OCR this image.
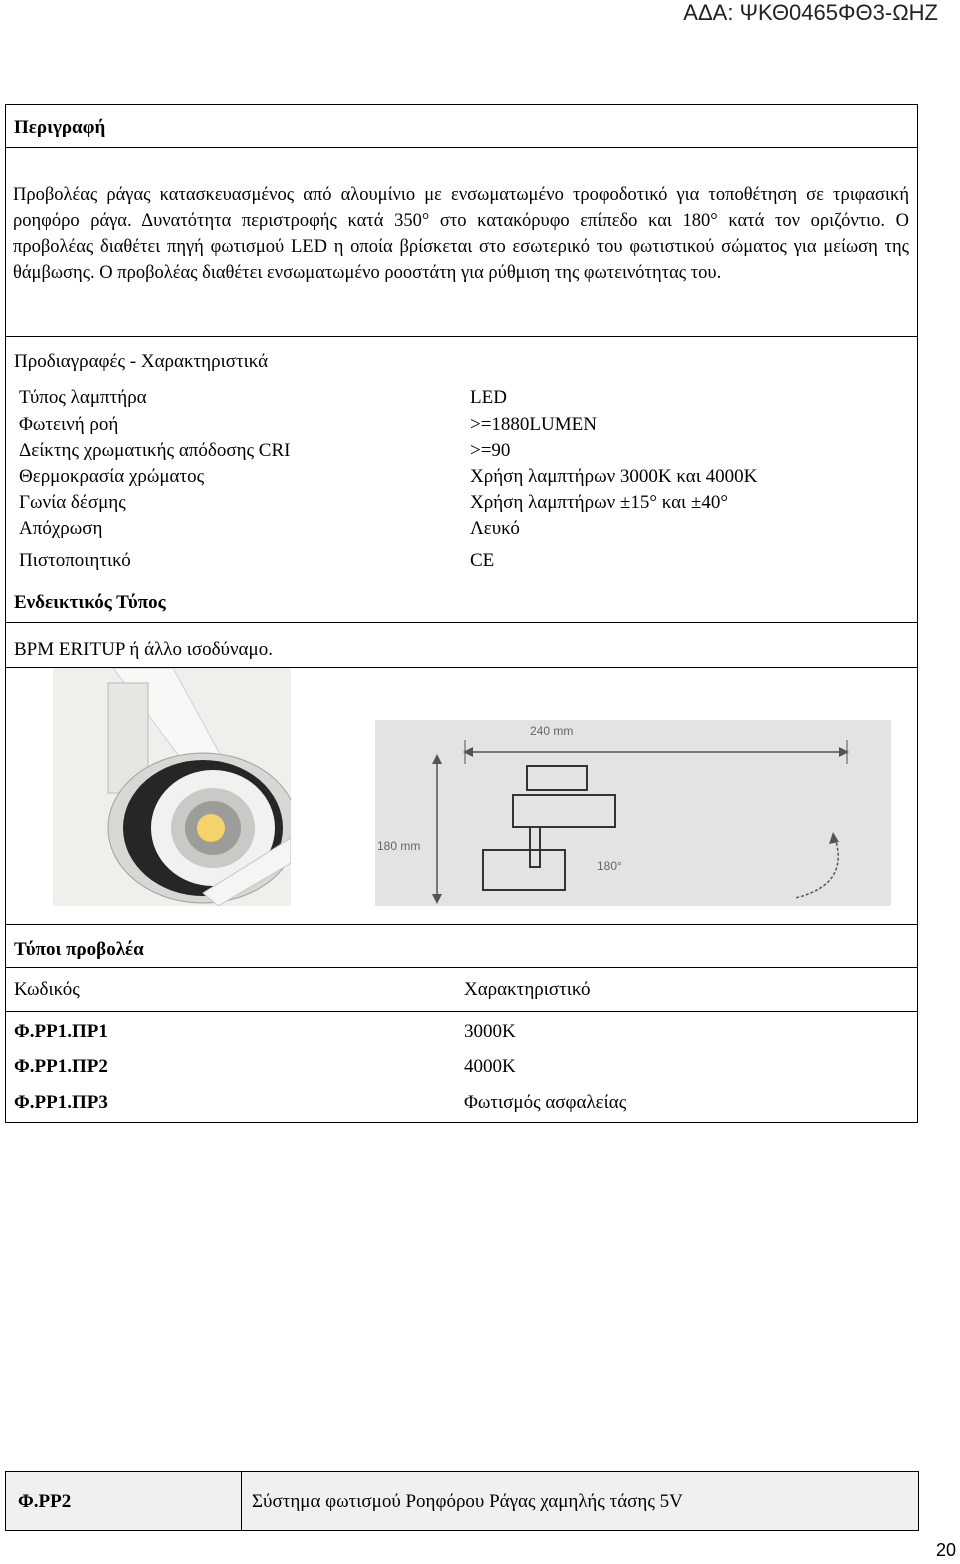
ΑΔΑ: ΨΚΘ0465ΦΘ3-ΩΗΖ
Περιγραφή
Προβολέας ράγας κατασκευασμένος από αλουμίνιο με ενσωματωμένο τροφοδοτικό για τοποθέτηση σε τριφασική ροηφόρο ράγα. Δυνατότητα περιστροφής κατά 350° στο κατακόρυφο επίπεδο και 180° κατά τον οριζόντιο. Ο προβολέας διαθέτει πηγή φωτισμού LED η οποία βρίσκεται στο εσωτερικό του φωτιστικού σώματος για μείωση της θάμβωσης. Ο προβολέας διαθέτει ενσωματωμένο ροοστάτη για ρύθμιση της φωτεινότητας του.
Προδιαγραφές - Χαρακτηριστικά
Τύπος λαμπτήρα	LED
Φωτεινή ροή	>=1880LUMEN
Δείκτης χρωματικής απόδοσης CRI	>=90
Θερμοκρασία χρώματος	Χρήση λαμπτήρων 3000K και 4000K
Γωνία δέσμης	Χρήση λαμπτήρων ±15° και ±40°
Απόχρωση	Λευκό
Πιστοποιητικό	CE
Ενδεικτικός Τύπος
BPM ERITUP ή άλλο ισοδύναμο.
240 mm
180 mm
180°
Τύποι προβολέα
Κωδικός	Χαρακτηριστικό
Φ.ΡΡ1.ΠΡ1	3000K
Φ.ΡΡ1.ΠΡ2	4000K
Φ.ΡΡ1.ΠΡ3	Φωτισμός ασφαλείας
Φ.ΡΡ2	Σύστημα φωτισμού Ροηφόρου Ράγας χαμηλής τάσης 5V
20
